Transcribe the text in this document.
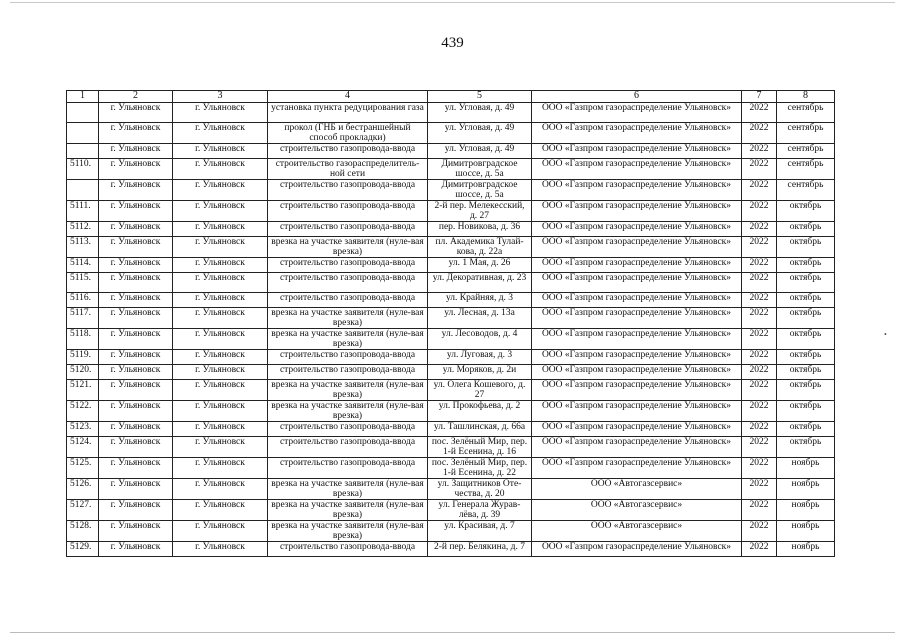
439
1	2	3	4	5	6	7	8
	г. Ульяновск	г. Ульяновск	установка пункта редуцирования газа	ул. Угловая, д. 49	ООО «Газпром газораспределение Ульяновск»	2022	сентябрь
	г. Ульяновск	г. Ульяновск	прокол (ГНБ и бестраншейный способ прокладки)	ул. Угловая, д. 49	ООО «Газпром газораспределение Ульяновск»	2022	сентябрь
	г. Ульяновск	г. Ульяновск	строительство газопровода-ввода	ул. Угловая, д. 49	ООО «Газпром газораспределение Ульяновск»	2022	сентябрь
5110.	г. Ульяновск	г. Ульяновск	строительство газораспределитель-ной сети	Димитровградское шоссе, д. 5а	ООО «Газпром газораспределение Ульяновск»	2022	сентябрь
	г. Ульяновск	г. Ульяновск	строительство газопровода-ввода	Димитровградское шоссе, д. 5а	ООО «Газпром газораспределение Ульяновск»	2022	сентябрь
5111.	г. Ульяновск	г. Ульяновск	строительство газопровода-ввода	2-й пер. Мелекесский, д. 27	ООО «Газпром газораспределение Ульяновск»	2022	октябрь
5112.	г. Ульяновск	г. Ульяновск	строительство газопровода-ввода	пер. Новикова, д. 36	ООО «Газпром газораспределение Ульяновск»	2022	октябрь
5113.	г. Ульяновск	г. Ульяновск	врезка на участке заявителя (нуле-вая врезка)	пл. Академика Тулай-кова, д. 22а	ООО «Газпром газораспределение Ульяновск»	2022	октябрь
5114.	г. Ульяновск	г. Ульяновск	строительство газопровода-ввода	ул. 1 Мая, д. 26	ООО «Газпром газораспределение Ульяновск»	2022	октябрь
5115.	г. Ульяновск	г. Ульяновск	строительство газопровода-ввода	ул. Декоративная, д. 23	ООО «Газпром газораспределение Ульяновск»	2022	октябрь
5116.	г. Ульяновск	г. Ульяновск	строительство газопровода-ввода	ул. Крайняя, д. 3	ООО «Газпром газораспределение Ульяновск»	2022	октябрь
5117.	г. Ульяновск	г. Ульяновск	врезка на участке заявителя (нуле-вая врезка)	ул. Лесная, д. 13а	ООО «Газпром газораспределение Ульяновск»	2022	октябрь
5118.	г. Ульяновск	г. Ульяновск	врезка на участке заявителя (нуле-вая врезка)	ул. Лесоводов, д. 4	ООО «Газпром газораспределение Ульяновск»	2022	октябрь
5119.	г. Ульяновск	г. Ульяновск	строительство газопровода-ввода	ул. Луговая, д. 3	ООО «Газпром газораспределение Ульяновск»	2022	октябрь
5120.	г. Ульяновск	г. Ульяновск	строительство газопровода-ввода	ул. Моряков, д. 2и	ООО «Газпром газораспределение Ульяновск»	2022	октябрь
5121.	г. Ульяновск	г. Ульяновск	врезка на участке заявителя (нуле-вая врезка)	ул. Олега Кошевого, д. 27	ООО «Газпром газораспределение Ульяновск»	2022	октябрь
5122.	г. Ульяновск	г. Ульяновск	врезка на участке заявителя (нуле-вая врезка)	ул. Прокофьева, д. 2	ООО «Газпром газораспределение Ульяновск»	2022	октябрь
5123.	г. Ульяновск	г. Ульяновск	строительство газопровода-ввода	ул. Ташлинская, д. 66а	ООО «Газпром газораспределение Ульяновск»	2022	октябрь
5124.	г. Ульяновск	г. Ульяновск	строительство газопровода-ввода	пос. Зелёный Мир, пер. 1-й Есенина, д. 16	ООО «Газпром газораспределение Ульяновск»	2022	октябрь
5125.	г. Ульяновск	г. Ульяновск	строительство газопровода-ввода	пос. Зелёный Мир, пер. 1-й Есенина, д. 22	ООО «Газпром газораспределение Ульяновск»	2022	ноябрь
5126.	г. Ульяновск	г. Ульяновск	врезка на участке заявителя (нуле-вая врезка)	ул. Защитников Оте-чества, д. 20	ООО «Автогазсервис»	2022	ноябрь
5127.	г. Ульяновск	г. Ульяновск	врезка на участке заявителя (нуле-вая врезка)	ул. Генерала Журав-лёва, д. 39	ООО «Автогазсервис»	2022	ноябрь
5128.	г. Ульяновск	г. Ульяновск	врезка на участке заявителя (нуле-вая врезка)	ул. Красивая, д. 7	ООО «Автогазсервис»	2022	ноябрь
5129.	г. Ульяновск	г. Ульяновск	строительство газопровода-ввода	2-й пер. Белякина, д. 7	ООО «Газпром газораспределение Ульяновск»	2022	ноябрь
•
